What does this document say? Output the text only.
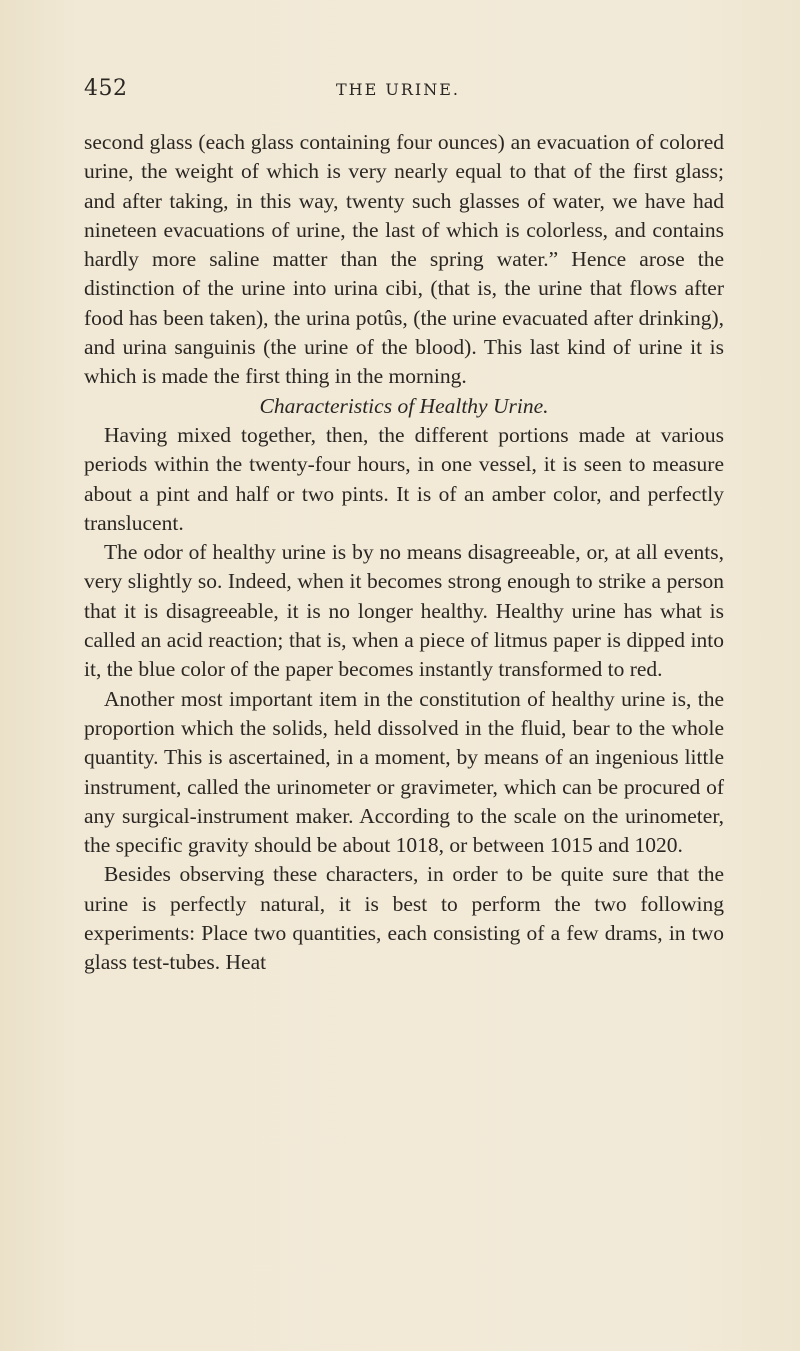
452	THE URINE.

second glass (each glass containing four ounces) an evacuation of colored urine, the weight of which is very nearly equal to that of the first glass; and after taking, in this way, twenty such glasses of water, we have had nineteen evacuations of urine, the last of which is colorless, and contains hardly more saline matter than the spring water.” Hence arose the distinction of the urine into urina cibi, (that is, the urine that flows after food has been taken), the urina potûs, (the urine evacuated after drinking), and urina sanguinis (the urine of the blood). This last kind of urine it is which is made the first thing in the morning.

Characteristics of Healthy Urine.

Having mixed together, then, the different portions made at various periods within the twenty-four hours, in one vessel, it is seen to measure about a pint and half or two pints. It is of an amber color, and perfectly translucent.

The odor of healthy urine is by no means disagreeable, or, at all events, very slightly so. Indeed, when it becomes strong enough to strike a person that it is disagreeable, it is no longer healthy. Healthy urine has what is called an acid reaction; that is, when a piece of litmus paper is dipped into it, the blue color of the paper becomes instantly transformed to red.

Another most important item in the constitution of healthy urine is, the proportion which the solids, held dissolved in the fluid, bear to the whole quantity. This is ascertained, in a moment, by means of an ingenious little instrument, called the urinometer or gravimeter, which can be procured of any surgical-instrument maker. According to the scale on the urinometer, the specific gravity should be about 1018, or between 1015 and 1020.

Besides observing these characters, in order to be quite sure that the urine is perfectly natural, it is best to perform the two following experiments: Place two quantities, each consisting of a few drams, in two glass test-tubes. Heat
